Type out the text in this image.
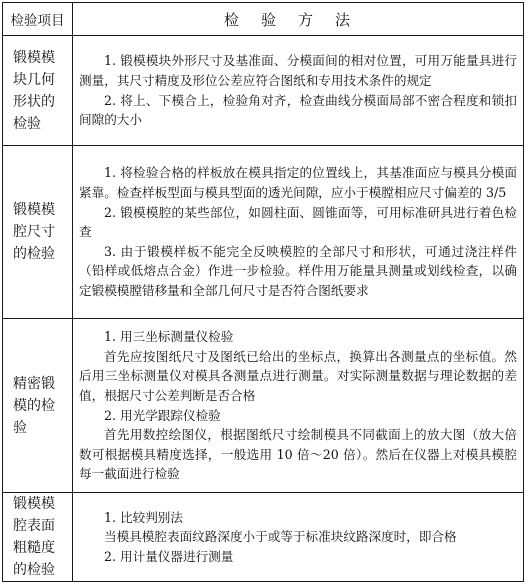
检验项目	检验方法
锻模模块几何形状的检验	1. 锻模模块外形尺寸及基准面、分模面间的相对位置，可用万能量具进行测量，其尺寸精度及形位公差应符合图纸和专用技术条件的规定

2. 将上、下模合上，检验角对齐，检查曲线分模面局部不密合程度和锁扣间隙的大小

锻模模腔尺寸的检验	1. 将检验合格的样板放在模具指定的位置线上，其基准面应与模具分模面紧靠。检查样板型面与模具型面的透光间隙，应小于模膛相应尺寸偏差的 3/5

2. 锻模模腔的某些部位，如圆柱面、圆锥面等，可用标准研具进行着色检查

3. 由于锻模样板不能完全反映模腔的全部尺寸和形状，可通过浇注样件（铅样或低熔点合金）作进一步检验。样件用万能量具测量或划线检查，以确定锻模模膛错移量和全部几何尺寸是否符合图纸要求

精密锻模的检验	1. 用三坐标测量仪检验

首先应按图纸尺寸及图纸已给出的坐标点，换算出各测量点的坐标值。然后用三坐标测量仪对模具各测量点进行测量。对实际测量数据与理论数据的差值，根据尺寸公差判断是否合格

2. 用光学跟踪仪检验

首先用数控绘图仪，根据图纸尺寸绘制模具不同截面上的放大图（放大倍数可根据模具精度选择，一般选用 10 倍～20 倍）。然后在仪器上对模具模腔每一截面进行检验

锻模模腔表面粗糙度的检验	1. 比较判别法

当模具模腔表面纹路深度小于或等于标准块纹路深度时，即合格

2. 用计量仪器进行测量
